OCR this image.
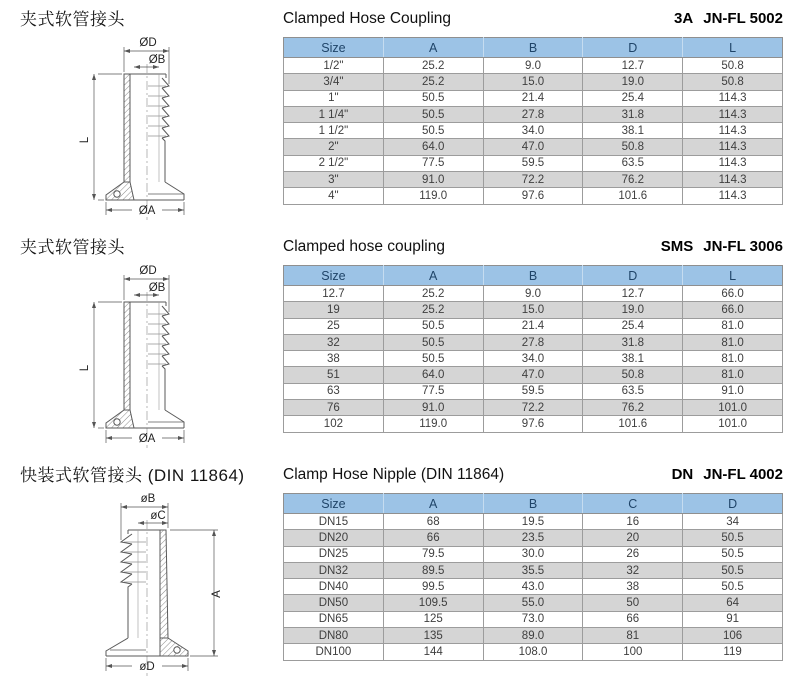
夹式软管接头
ØD
ØB
L
ØA
Clamped Hose Coupling	3A JN-FL 5002
Size	A	B	D	L
1/2"	25.2	9.0	12.7	50.8
3/4"	25.2	15.0	19.0	50.8
1"	50.5	21.4	25.4	114.3
1 1/4"	50.5	27.8	31.8	114.3
1 1/2"	50.5	34.0	38.1	114.3
2"	64.0	47.0	50.8	114.3
2 1/2"	77.5	59.5	63.5	114.3
3"	91.0	72.2	76.2	114.3
4"	119.0	97.6	101.6	114.3
夹式软管接头
ØD
ØB
L
ØA
Clamped hose coupling	SMS JN-FL 3006
Size	A	B	D	L
12.7	25.2	9.0	12.7	66.0
19	25.2	15.0	19.0	66.0
25	50.5	21.4	25.4	81.0
32	50.5	27.8	31.8	81.0
38	50.5	34.0	38.1	81.0
51	64.0	47.0	50.8	81.0
63	77.5	59.5	63.5	91.0
76	91.0	72.2	76.2	101.0
102	119.0	97.6	101.6	101.0
快装式软管接头 (DIN 11864)
øB
øC
A
øD
Clamp Hose Nipple (DIN 11864)	DN JN-FL 4002
Size	A	B	C	D
DN15	68	19.5	16	34
DN20	66	23.5	20	50.5
DN25	79.5	30.0	26	50.5
DN32	89.5	35.5	32	50.5
DN40	99.5	43.0	38	50.5
DN50	109.5	55.0	50	64
DN65	125	73.0	66	91
DN80	135	89.0	81	106
DN100	144	108.0	100	119
